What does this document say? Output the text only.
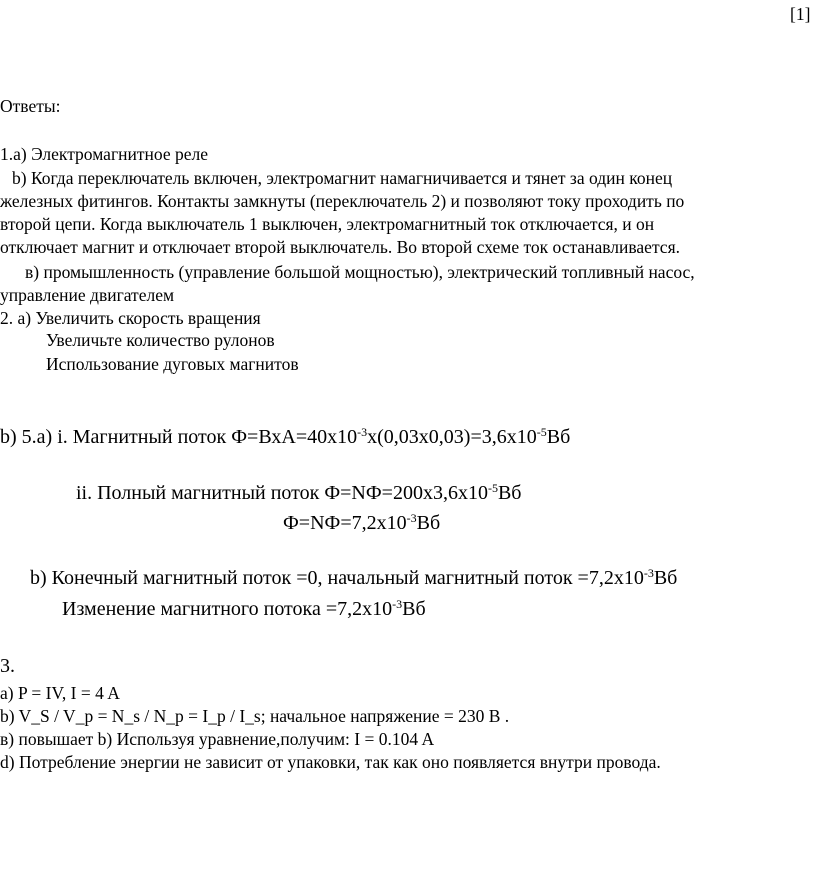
[1]
Ответы:
1.а) Электромагнитное реле
b) Когда переключатель включен, электромагнит намагничивается и тянет за один конец
железных фитингов. Контакты замкнуты (переключатель 2) и позволяют току проходить по
второй цепи. Когда выключатель 1 выключен, электромагнитный ток отключается, и он
отключает магнит и отключает второй выключатель. Во второй схеме ток останавливается.
в) промышленность (управление большой мощностью), электрический топливный насос,
управление двигателем
2. а) Увеличить скорость вращения
Увеличьте количество рулонов
Использование дуговых магнитов
b) 5.а) i. Магнитный поток $Ф=ВхА=40х10^{-3}х(0,03х0,03)=3,6х10^{-5}Вб$
ii. Полный магнитный поток $Ф=NФ=200х3,6х10^{-5}Вб$
$Ф=NФ=7,2х10^{-3}Вб$
b) Конечный магнитный поток =0, начальный магнитный поток $=7,2х10^{-3}Вб$
Изменение магнитного потока $=7,2х10^{-3}Вб$
3.
a) P = IV, I = 4 A
b) V_S / V_p = N_s / N_p = I_p / I_s; начальное напряжение = 230 В .
в) повышает b) Используя уравнение,получим: I = 0.104 A
d) Потребление энергии не зависит от упаковки, так как оно появляется внутри провода.
